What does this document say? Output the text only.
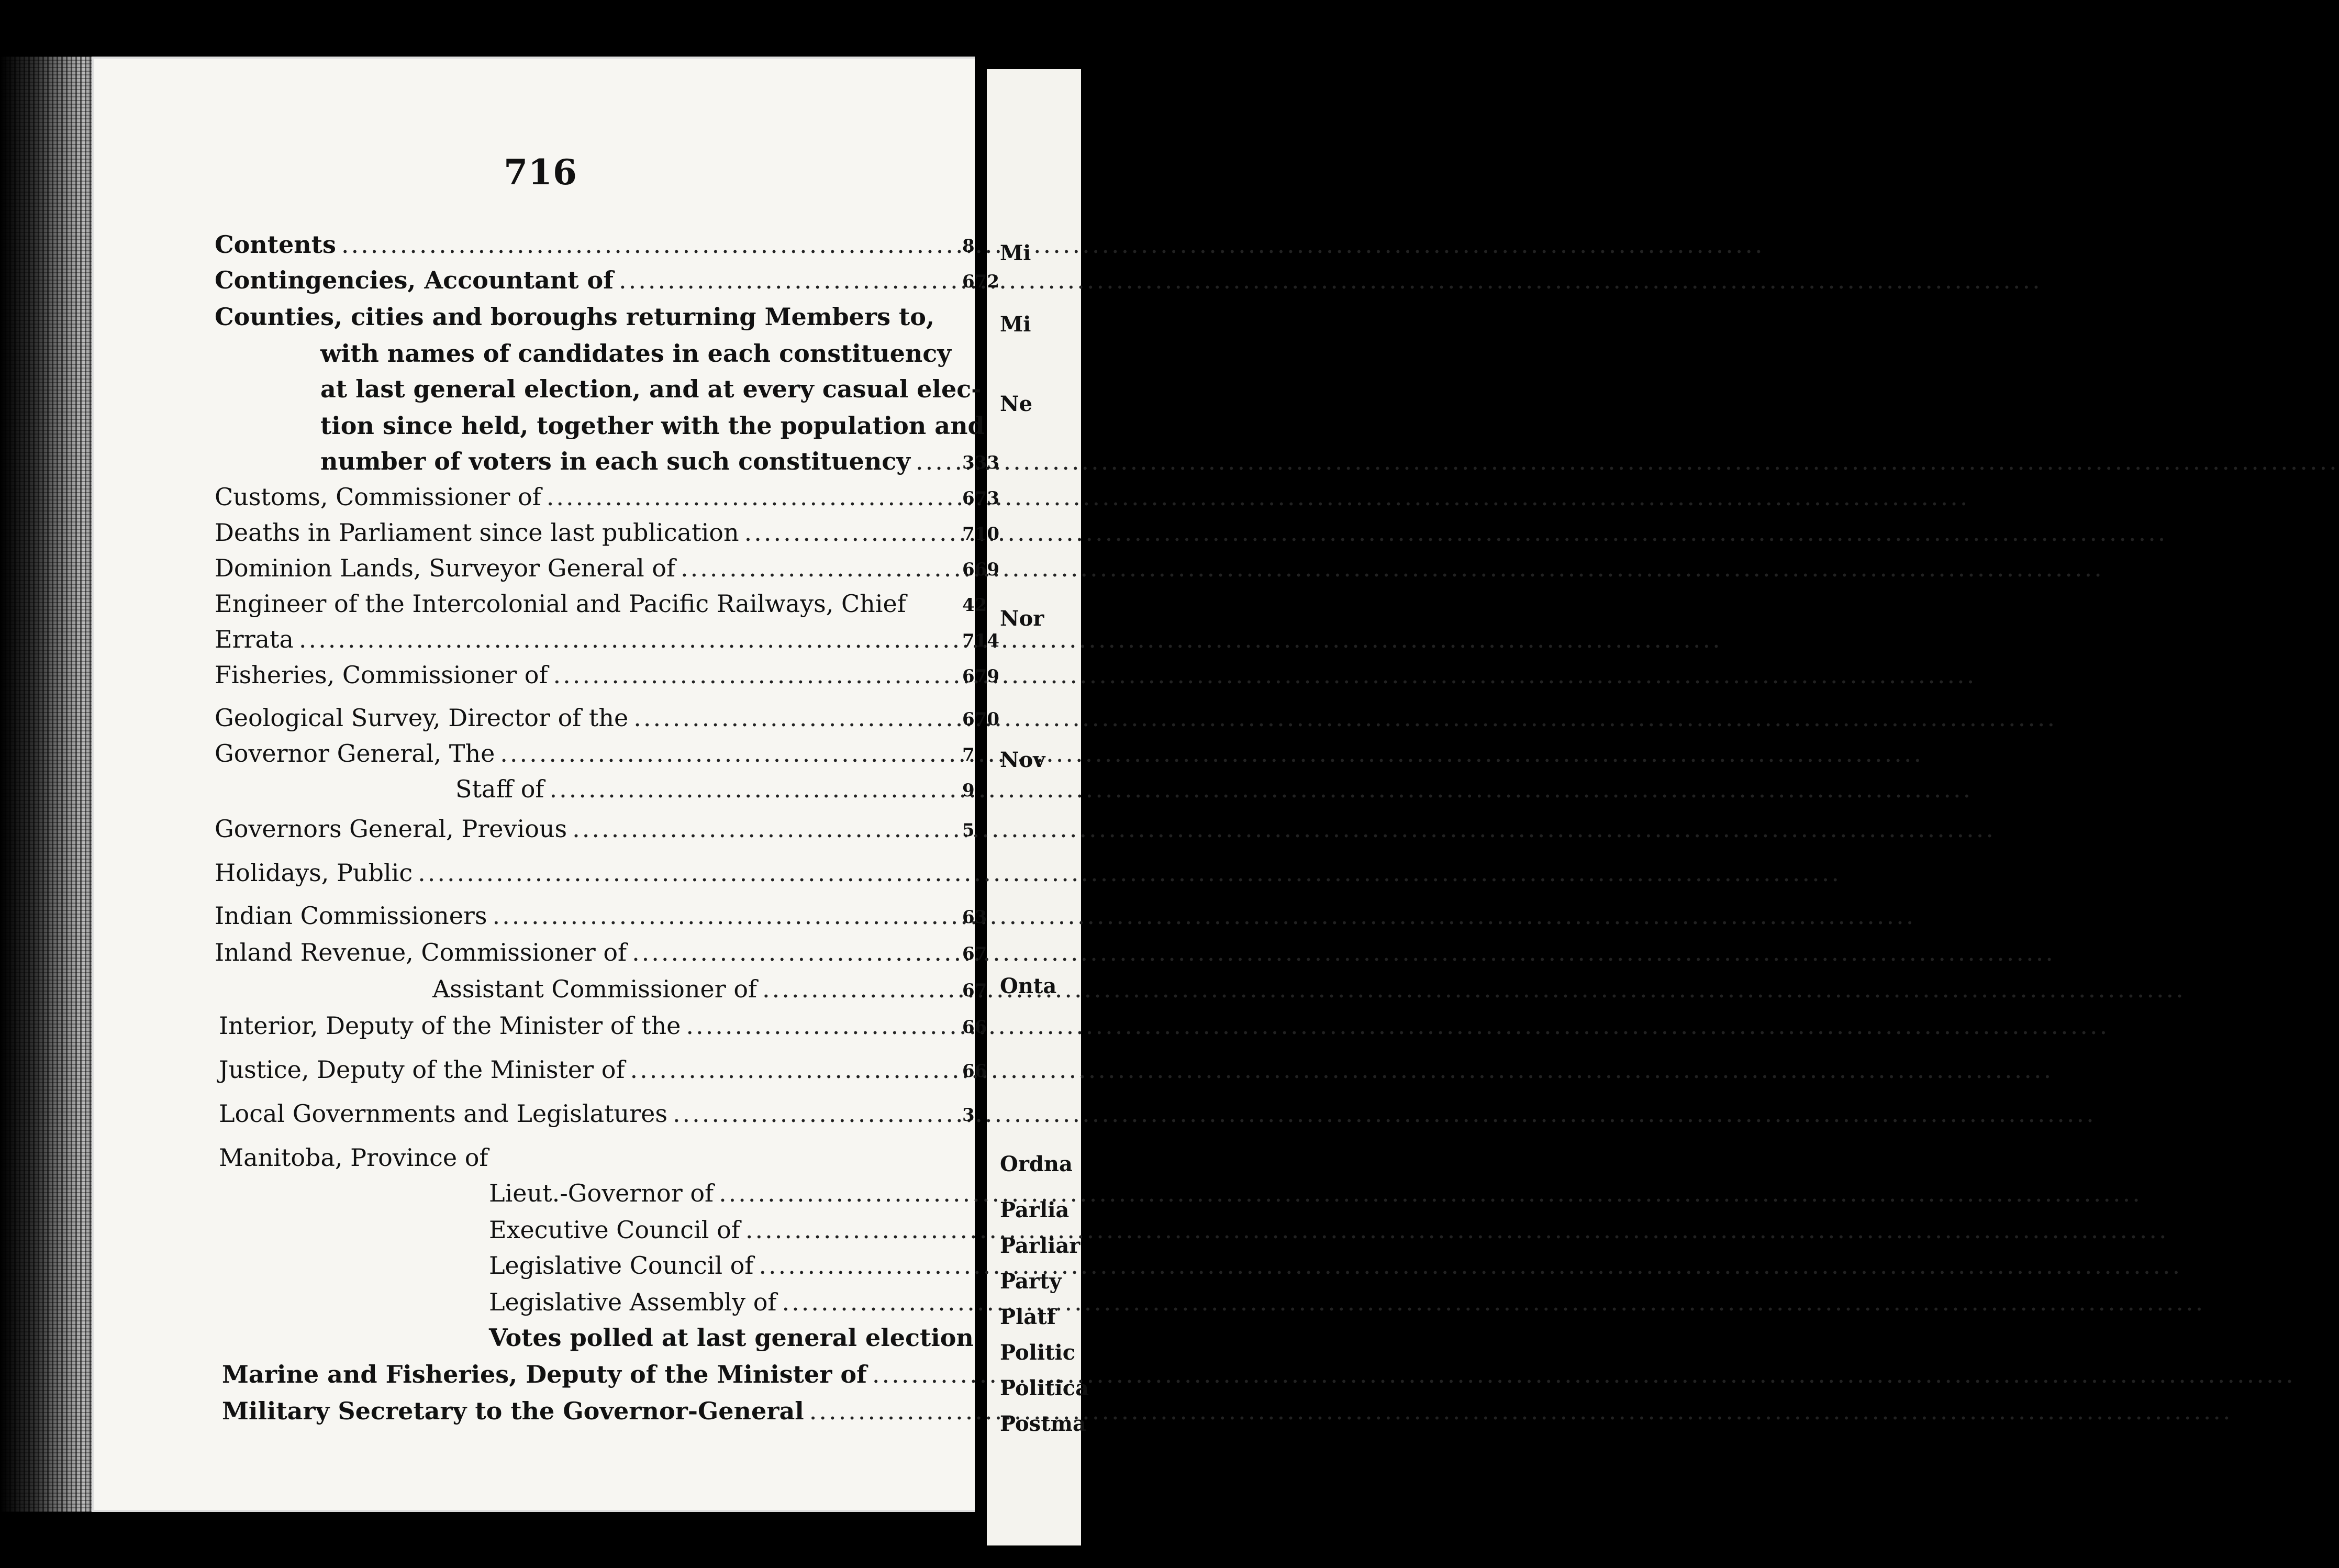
716
Contents
.....
Contingencies, Accountant of
.....
Counties, cities and boroughs returning Members to,
with names of candidates in each constituency
at last general election, and at every casual elec-
tion since held, together with the population and
number of voters in each such constituency
.....
Customs, Commissioner of
.....
Deaths in Parliament since last publication
.....
Dominion Lands, Surveyor General of
.....
Engineer of the Intercolonial and Pacific Railways, Chief
Errata
.....
Fisheries, Commissioner of
.....
Geological Survey, Director of the
.....
Governor General, The
.....
Staff of
.....
Governors General, Previous
.....
Holidays, Public
.....
Indian Commissioners
.....
Inland Revenue, Commissioner of
.....
Assistant Commissioner of
.....
Interior, Deputy of the Minister of the
.....
Justice, Deputy of the Minister of
.....
Local Governments and Legislatures
.....
Manitoba, Province of
Lieut.-Governor of
.....
Executive Council of
.....
Legislative Council of
.....
Legislative Assembly of
.....
Votes polled at last general election
Marine and Fisheries, Deputy of the Minister of
.....
Military Secretary to the Governor-General
.....
8
672
333
673
710
669
42
714
679
670
7
9
5
63
67
67
66
66
3
Mi
Mi
Ne
Nor
Nov
Onta
Ordna
Parlia
Parliar
Party
Platf
Politic
Politica
Postma
